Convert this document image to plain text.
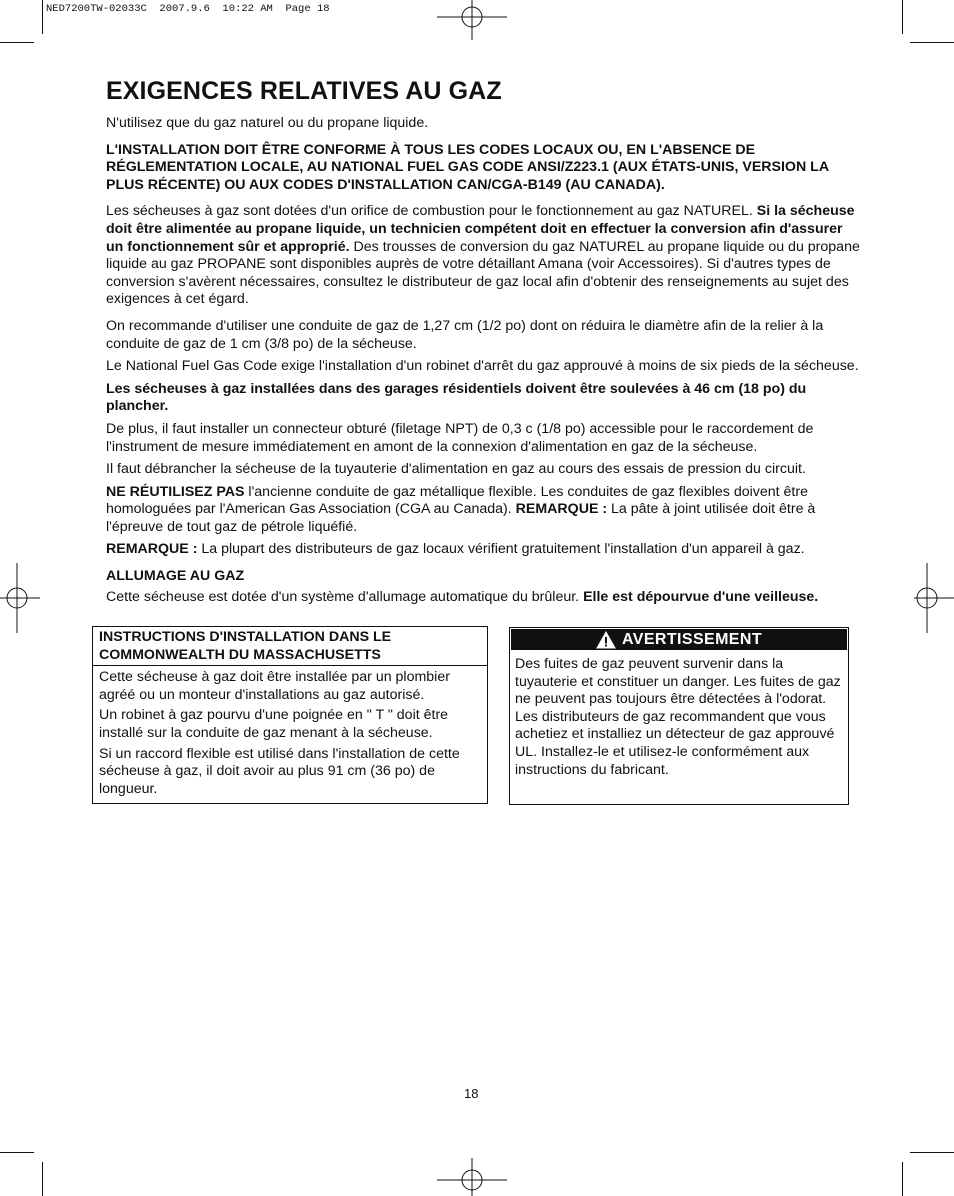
NED7200TW-02033C  2007.9.6  10:22 AM  Page 18
EXIGENCES RELATIVES AU GAZ

N'utilisez que du gaz naturel ou du propane liquide.

L'INSTALLATION DOIT ÊTRE CONFORME À TOUS LES CODES LOCAUX OU, EN L'ABSENCE DE RÉGLEMENTATION LOCALE, AU NATIONAL FUEL GAS CODE ANSI/Z223.1 (AUX ÉTATS-UNIS, VERSION LA PLUS RÉCENTE) OU AUX CODES D'INSTALLATION CAN/CGA-B149 (AU CANADA).

Les sécheuses à gaz sont dotées d'un orifice de combustion pour le fonctionnement au gaz NATUREL. Si la sécheuse doit être alimentée au propane liquide, un technicien compétent doit en effectuer la conversion afin d'assurer un fonctionnement sûr et approprié. Des trousses de conversion du gaz NATUREL au propane liquide ou du propane liquide au gaz PROPANE sont disponibles auprès de votre détaillant Amana (voir Accessoires). Si d'autres types de conversion s'avèrent nécessaires, consultez le distributeur de gaz local afin d'obtenir des renseignements au sujet des exigences à cet égard.

On recommande d'utiliser une conduite de gaz de 1,27 cm (1/2 po) dont on réduira le diamètre afin de la relier à la conduite de gaz de 1 cm (3/8 po) de la sécheuse.

Le National Fuel Gas Code exige l'installation d'un robinet d'arrêt du gaz approuvé à moins de six pieds de la sécheuse.

Les sécheuses à gaz installées dans des garages résidentiels doivent être soulevées à 46 cm (18 po) du plancher.

De plus, il faut installer un connecteur obturé (filetage NPT) de 0,3 c (1/8 po) accessible pour le raccordement de l'instrument de mesure immédiatement en amont de la connexion d'alimentation en gaz de la sécheuse.

Il faut débrancher la sécheuse de la tuyauterie d'alimentation en gaz au cours des essais de pression du circuit.

NE RÉUTILISEZ PAS l'ancienne conduite de gaz métallique flexible. Les conduites de gaz flexibles doivent être homologuées par l'American Gas Association (CGA au Canada). REMARQUE : La pâte à joint utilisée doit être à l'épreuve de tout gaz de pétrole liquéfié.

REMARQUE : La plupart des distributeurs de gaz locaux vérifient gratuitement l'installation d'un appareil à gaz.

ALLUMAGE AU GAZ

Cette sécheuse est dotée d'un système d'allumage automatique du brûleur. Elle est dépourvue d'une veilleuse.

INSTRUCTIONS D'INSTALLATION DANS LE COMMONWEALTH DU MASSACHUSETTS

Cette sécheuse à gaz doit être installée par un plombier agréé ou un monteur d'installations au gaz autorisé.

Un robinet à gaz pourvu d'une poignée en " T " doit être installé sur la conduite de gaz menant à la sécheuse.

Si un raccord flexible est utilisé dans l'installation de cette sécheuse à gaz, il doit avoir au plus 91 cm (36 po) de longueur.

AVERTISSEMENT

Des fuites de gaz peuvent survenir dans la tuyauterie et constituer un danger. Les fuites de gaz ne peuvent pas toujours être détectées à l'odorat. Les distributeurs de gaz recommandent que vous achetiez et installiez un détecteur de gaz approuvé UL. Installez-le et utilisez-le conformément aux instructions du fabricant.

18
